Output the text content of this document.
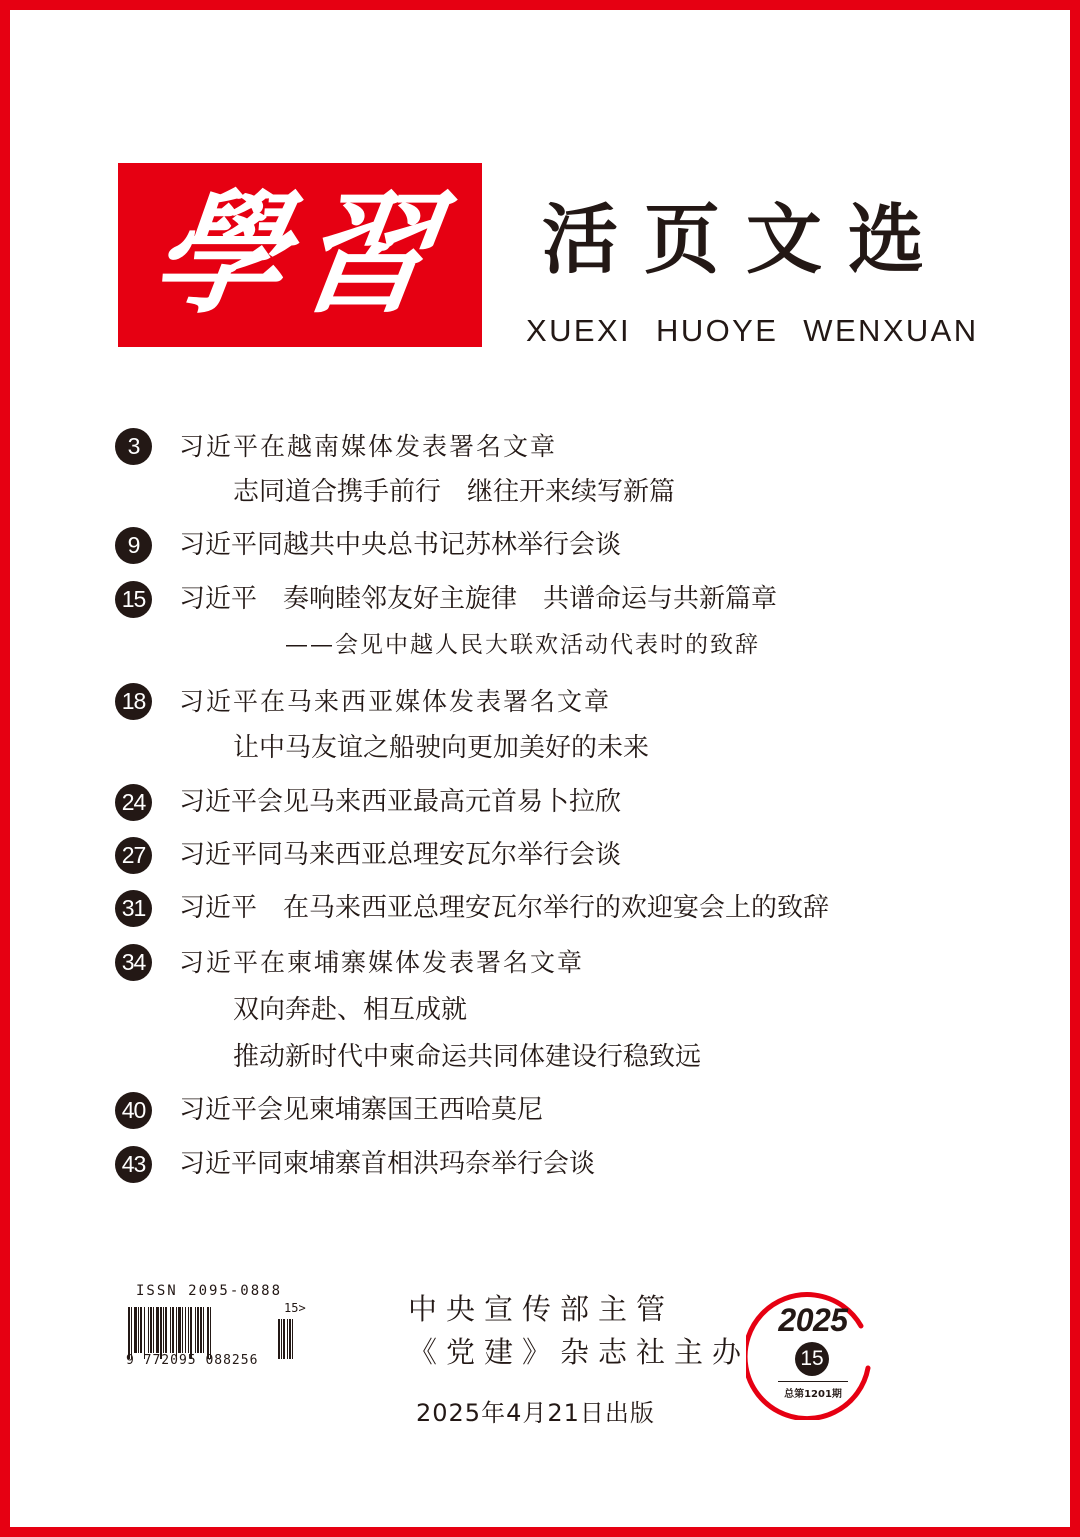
學習 活页文选
XUEXI HUOYE WENXUAN
3	习近平在越南媒体发表署名文章
志同道合携手前行　继往开来续写新篇
9	习近平同越共中央总书记苏林举行会谈
15 习近平　奏响睦邻友好主旋律　共谱命运与共新篇章
——会见中越人民大联欢活动代表时的致辞
18 习近平在马来西亚媒体发表署名文章
让中马友谊之船驶向更加美好的未来
24 习近平会见马来西亚最高元首易卜拉欣
27 习近平同马来西亚总理安瓦尔举行会谈
31 习近平　在马来西亚总理安瓦尔举行的欢迎宴会上的致辞
34 习近平在柬埔寨媒体发表署名文章
双向奔赴、相互成就
推动新时代中柬命运共同体建设行稳致远
40 习近平会见柬埔寨国王西哈莫尼
43 习近平同柬埔寨首相洪玛奈举行会谈
ISSN 2095-0888
15>
9 772095 088256
中央宣传部主管
《党建》杂志社主办
2025年4月21日出版
2025
15
总第1201期
